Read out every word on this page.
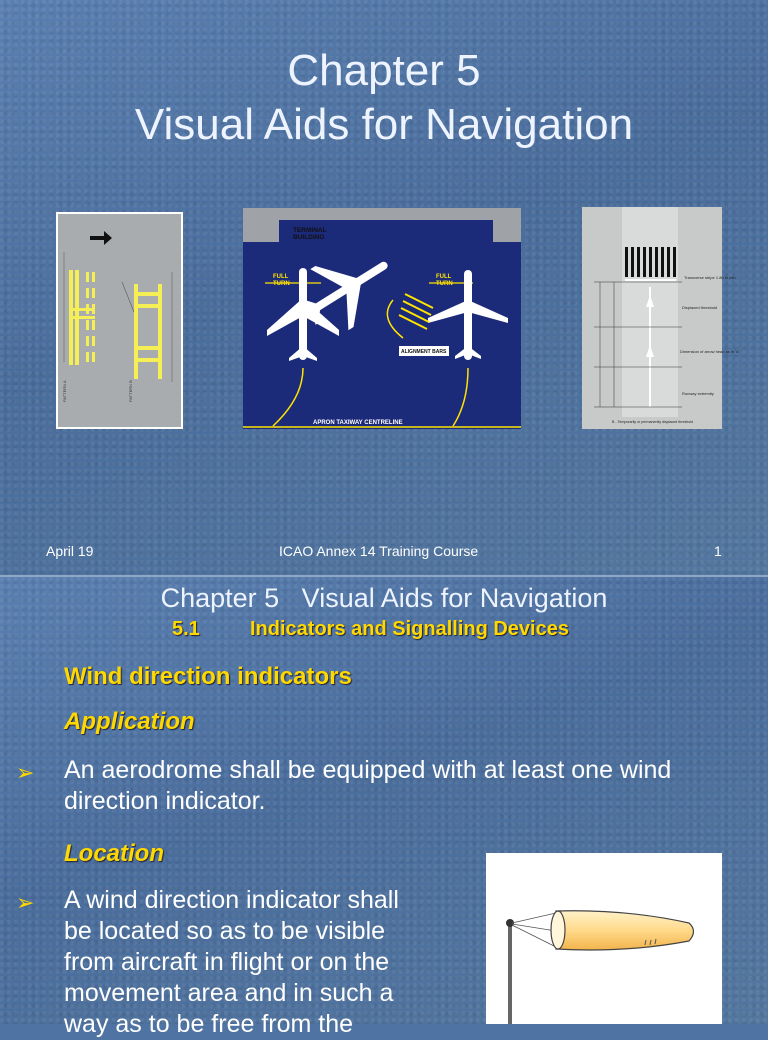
Chapter 5
Visual Aids for Navigation
PATTERN A	PATTERN B
TERMINAL
BUILDING
FULL
TURN
FULL
TURN
ALIGNMENT BARS
APRON TAXIWAY CENTRELINE
Transverse stripe 1.80 m min
Displaced threshold
Dimension of arrow head as in 'A'
Runway extremity
B - Temporarily or permanently displaced threshold
April 19	ICAO Annex 14 Training Course	1
Chapter 5   Visual Aids for Navigation
5.1	Indicators and Signalling Devices
Wind direction indicators
Application
➢ An aerodrome shall be equipped with at least one wind
direction indicator.
Location
➢ A wind direction indicator shall
be located so as to be visible
from aircraft in flight or on the
movement area and in such a
way as to be free from the
